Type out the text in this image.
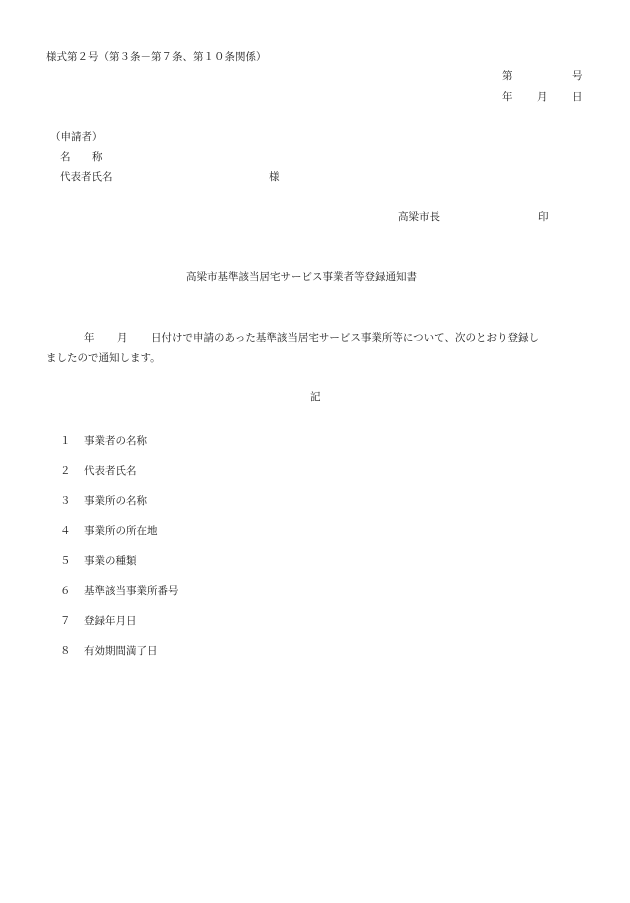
様式第２号（第３条－第７条、第１０条関係）
第	号
年 月 日
（申請者）
名 称
代表者氏名	様
高梁市長	印
高梁市基準該当居宅サービス事業者等登録通知書
年 月 日付けで申請のあった基準該当居宅サービス事業所等について、次のとおり登録し
ましたので通知します。
記
１ 事業者の名称
２ 代表者氏名
３ 事業所の名称
４ 事業所の所在地
５ 事業の種類
６ 基準該当事業所番号
７ 登録年月日
８ 有効期間満了日
